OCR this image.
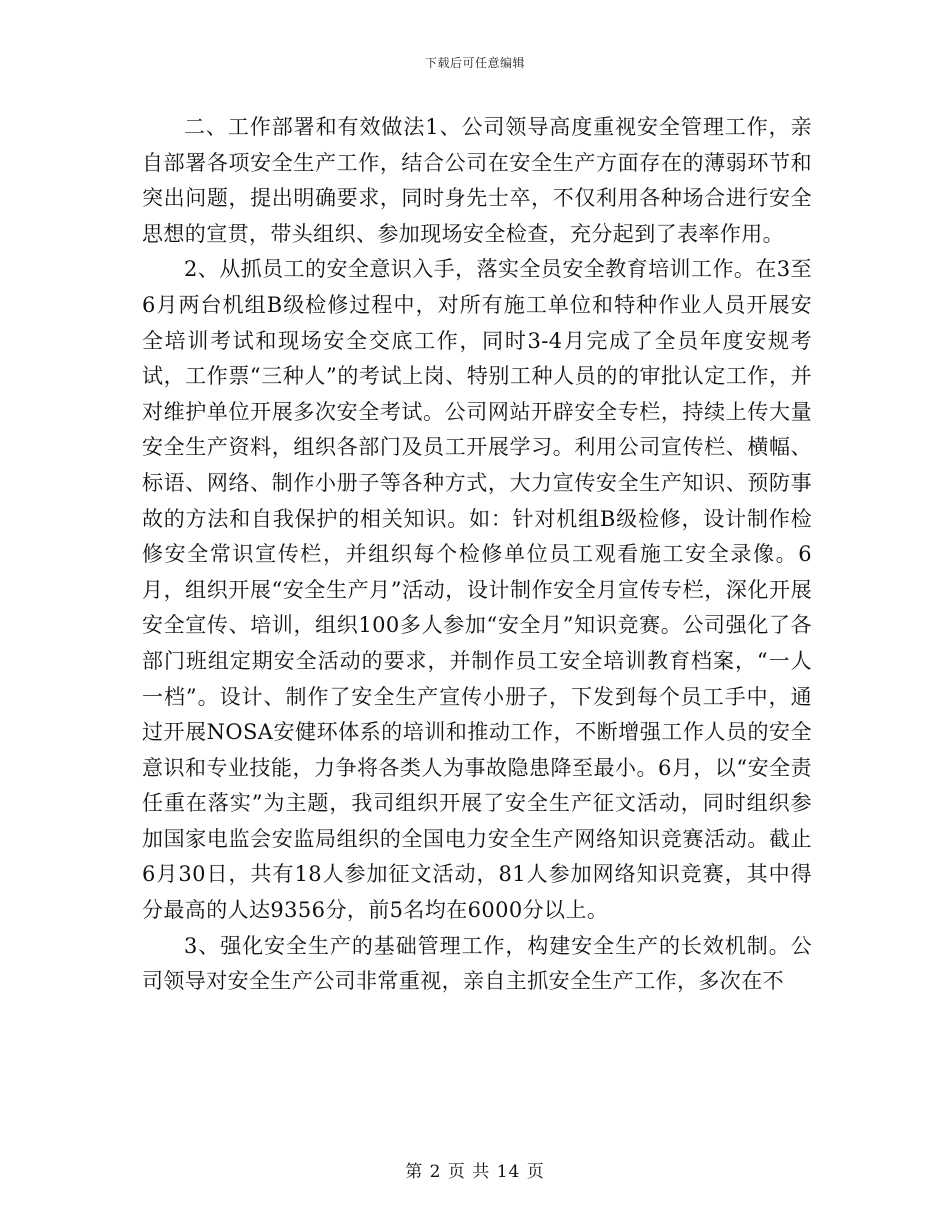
下载后可任意编辑

二、工作部署和有效做法1、公司领导高度重视安全管理工作，亲自部署各项安全生产工作，结合公司在安全生产方面存在的薄弱环节和突出问题，提出明确要求，同时身先士卒，不仅利用各种场合进行安全思想的宣贯，带头组织、参加现场安全检查，充分起到了表率作用。

2、从抓员工的安全意识入手，落实全员安全教育培训工作。在3至6月两台机组B级检修过程中，对所有施工单位和特种作业人员开展安全培训考试和现场安全交底工作，同时3-4月完成了全员年度安规考试，工作票“三种人”的考试上岗、特别工种人员的的审批认定工作，并对维护单位开展多次安全考试。公司网站开辟安全专栏，持续上传大量安全生产资料，组织各部门及员工开展学习。利用公司宣传栏、横幅、标语、网络、制作小册子等各种方式，大力宣传安全生产知识、预防事故的方法和自我保护的相关知识。如：针对机组B级检修，设计制作检修安全常识宣传栏，并组织每个检修单位员工观看施工安全录像。6月，组织开展“安全生产月”活动，设计制作安全月宣传专栏，深化开展安全宣传、培训，组织100多人参加“安全月”知识竞赛。公司强化了各部门班组定期安全活动的要求，并制作员工安全培训教育档案，“一人一档”。设计、制作了安全生产宣传小册子，下发到每个员工手中，通过开展NOSA安健环体系的培训和推动工作，不断增强工作人员的安全意识和专业技能，力争将各类人为事故隐患降至最小。6月，以“安全责任重在落实”为主题，我司组织开展了安全生产征文活动，同时组织参加国家电监会安监局组织的全国电力安全生产网络知识竞赛活动。截止6月30日，共有18人参加征文活动，81人参加网络知识竞赛，其中得分最高的人达9356分，前5名均在6000分以上。

3、强化安全生产的基础管理工作，构建安全生产的长效机制。公司领导对安全生产公司非常重视，亲自主抓安全生产工作，多次在不

第 2 页 共 14 页
